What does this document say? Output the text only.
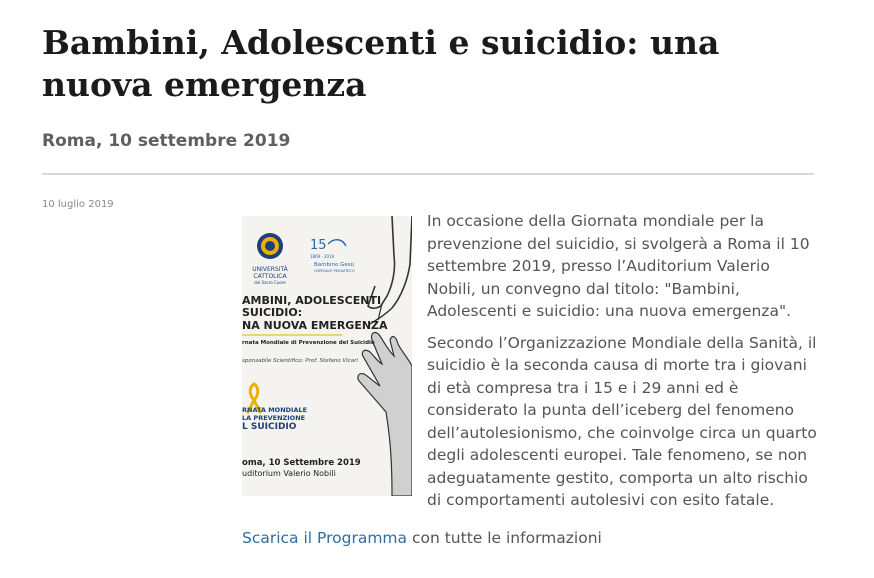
Bambini, Adolescenti e suicidio: una nuova emergenza
Roma, 10 settembre 2019
10 luglio 2019
UNIVERSITÀ
CATTOLICA
del Sacro Cuore
15
1869 · 2019
Bambino Gesù
OSPEDALE PEDIATRICO
AMBINI, ADOLESCENTI
SUICIDIO:
NA NUOVA EMERGENZA
rnata Mondiale di Prevenzione del Suicidio
sponsabile Scientifico: Prof. Stefano Vicari
RNATA MONDIALE
LA PREVENZIONE
L SUICIDIO
oma, 10 Settembre 2019
uditorium Valerio Nobili

In occasione della Giornata mondiale per la prevenzione del suicidio, si svolgerà a Roma il 10 settembre 2019, presso l’Auditorium Valerio Nobili, un convegno dal titolo: "Bambini, Adolescenti e suicidio: una nuova emergenza".

Secondo l’Organizzazione Mondiale della Sanità, il suicidio è la seconda causa di morte tra i giovani di età compresa tra i 15 e i 29 anni ed è considerato la punta dell’iceberg del fenomeno dell’autolesionismo, che coinvolge circa un quarto degli adolescenti europei. Tale fenomeno, se non adeguatamente gestito, comporta un alto rischio di comportamenti autolesivi con esito fatale.

Scarica il Programma con tutte le informazioni
